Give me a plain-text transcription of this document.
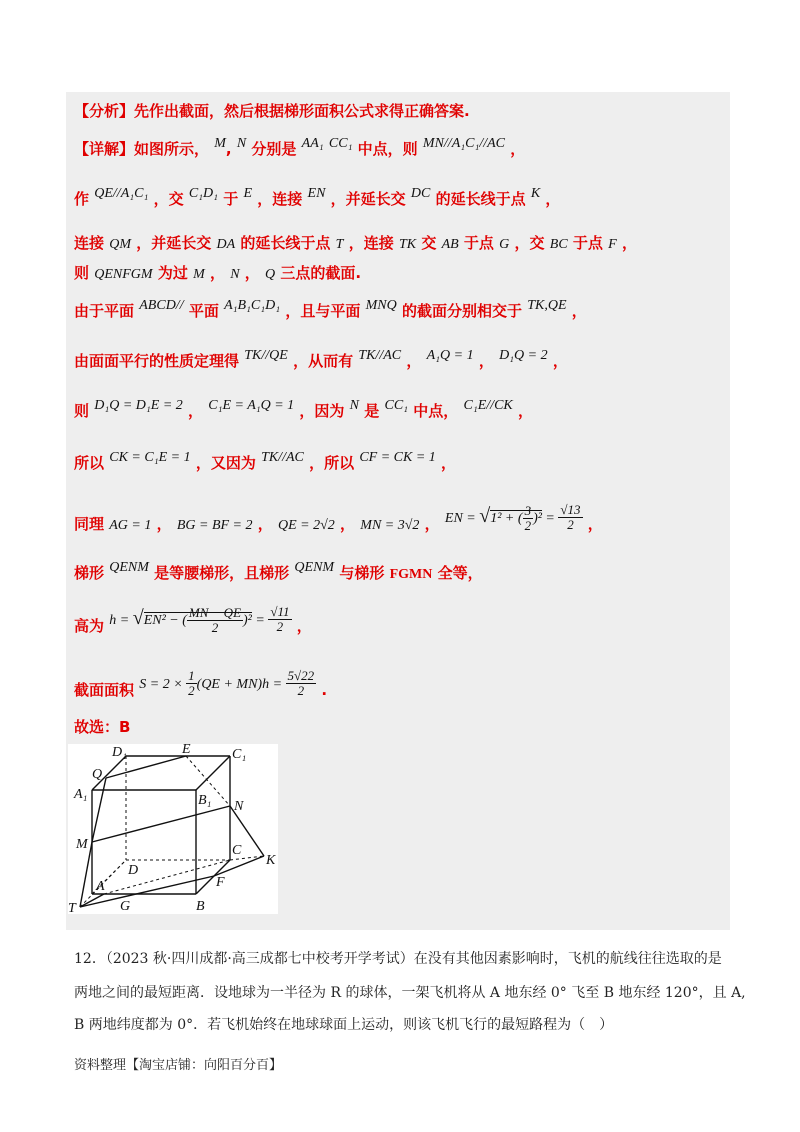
【分析】先作出截面，然后根据梯形面积公式求得正确答案.
【详解】如图所示， M, N 分别是 AA₁ CC₁ 中点，则 MN//A₁C₁//AC ，
作 QE//A₁C₁ ，交 C₁D₁ 于 E ，连接 EN ，并延长交 DC 的延长线于点 K ，
连接 QM ，并延长交 DA 的延长线于点 T ，连接 TK 交 AB 于点 G ，交 BC 于点 F ，
则 QENFGM 为过 M ， N ， Q 三点的截面.
由于平面 ABCD// 平面 A₁B₁C₁D₁ ，且与平面 MNQ 的截面分别相交于 TK,QE ，
由面面平行的性质定理得 TK//QE ，从而有 TK//AC ， A₁Q = 1 ， D₁Q = 2 ，
则 D₁Q = D₁E = 2 ， C₁E = A₁Q = 1 ，因为 N 是 CC₁ 中点， C₁E//CK ，
所以 CK = C₁E = 1 ，又因为 TK//AC ，所以 CF = CK = 1 ，
同理 AG = 1 ， BG = BF = 2 ， QE = 2√2 ， MN = 3√2 ， EN = √1² + ( $\frac{3}{2} )^2 = \frac{√13}{2}$ ，
梯形 QENM 是等腰梯形，且梯形 QENM 与梯形 FGMN 全等，
高为 h = √EN² − ( $\frac{MN - QE}{2} )^2 = \frac{√11}{2}$ ，
截面面积 $S = 2 \times \frac{1}{2} (QE + MN)h = \frac{5√22}{2}$ .
故选：B
D₁	E	C₁
Q
A₁	B₁ N
M	C
K
D
A	F
T	G	B
12．（2023 秋·四川成都·高三成都七中校考开学考试）在没有其他因素影响时，飞机的航线往往选取的是
两地之间的最短距离．设地球为一半径为 R 的球体，一架飞机将从 A 地东经 0° 飞至 B 地东经 120°，且 A,
B 两地纬度都为 0°．若飞机始终在地球球面上运动，则该飞机飞行的最短路程为（　）
资料整理【淘宝店铺：向阳百分百】
